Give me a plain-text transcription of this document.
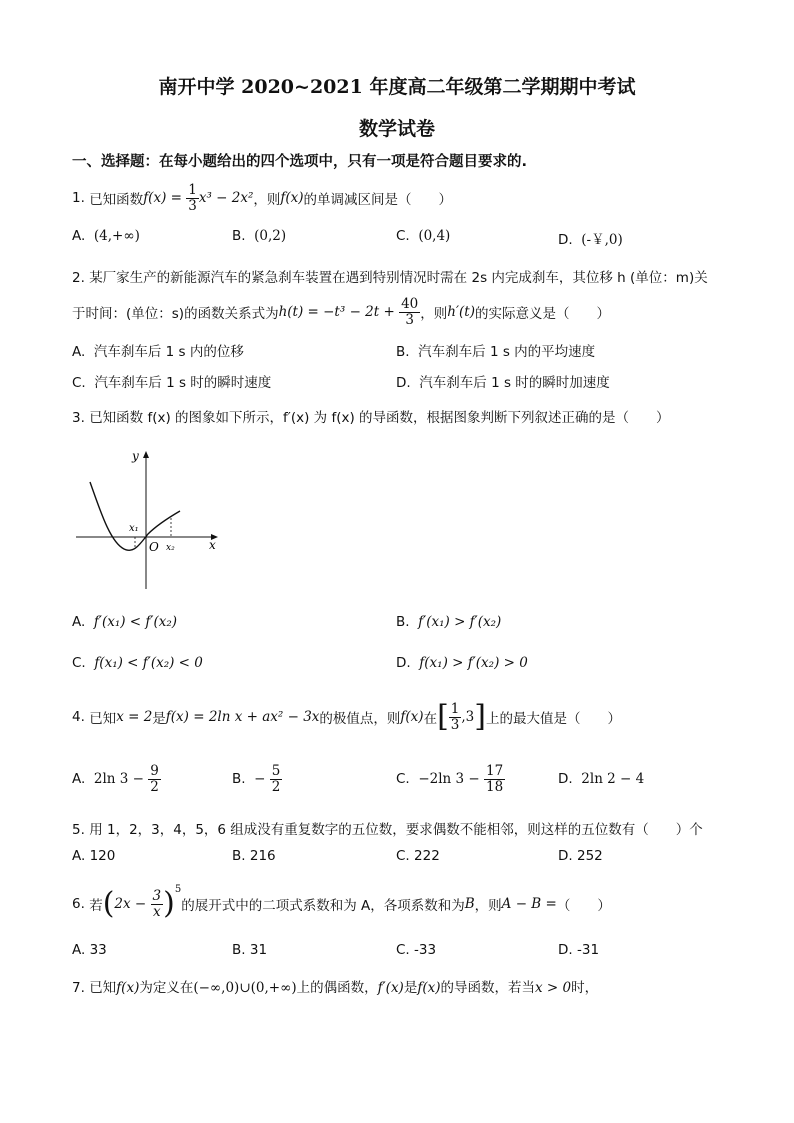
南开中学 2020~2021 年度高二年级第二学期期中考试
数学试卷
一、选择题：在每小题给出的四个选项中，只有一项是符合题目要求的.
1.
已知函数 f(x) =
$\frac{1}{3} x^3 - 2x^2$ ，则 f(x) 的单调减区间是（　　）
A. (4,+∞)	B. (0,2)	C. (0,4)	D. (-￥,0)
2. 某厂家生产的新能源汽车的紧急刹车装置在遇到特别情况时需在 2s 内完成刹车，其位移 h (单位：m)关
于时间：(单位：s)的函数关系式为 h(t) = −t³ − 2t +
$\frac{40}{3}$ ，则 h′(t) 的实际意义是（　　）
A. 汽车刹车后 1 s 内的位移	B. 汽车刹车后 1 s 内的平均速度
C. 汽车刹车后 1 s 时的瞬时速度	D. 汽车刹车后 1 s 时的瞬时加速度
3. 已知函数 f(x) 的图象如下所示，f′(x) 为 f(x) 的导函数，根据图象判断下列叙述正确的是（　　）
y
x
O
x₁
x₂
A. f′(x₁) < f′(x₂)	B. f′(x₁) > f′(x₂)
C. f(x₁) < f′(x₂) < 0	D. f(x₁) > f′(x₂) > 0
4.
已知 x = 2 是 f(x) = 2ln x + ax² − 3x 的极值点，则 f(x) 在 [ $\frac{1}{3} ,3$ ] 上的最大值是（　　）
A.
2ln 3 −
$\frac{9}{2}$	B.
−
$\frac{5}{2}$	C.
−2ln 3 −
$\frac{17}{18}$	D.
2ln 2 − 4
5. 用 1，2，3，4，5，6 组成没有重复数字的五位数，要求偶数不能相邻，则这样的五位数有（　　）个
A. 120	B. 216	C. 222	D. 252
6.
若 ( 2x −
$\frac{3}{x} )^5$
的展开式中的二项式系数和为 A，各项系数和为 B ，则 A − B = （　　）
A. 33	B. 31	C. -33	D. -31
7. 已知f(x)为定义在(−∞,0)∪(0,+∞)上的偶函数，f′(x)是f(x)的导函数，若当x > 0时，
